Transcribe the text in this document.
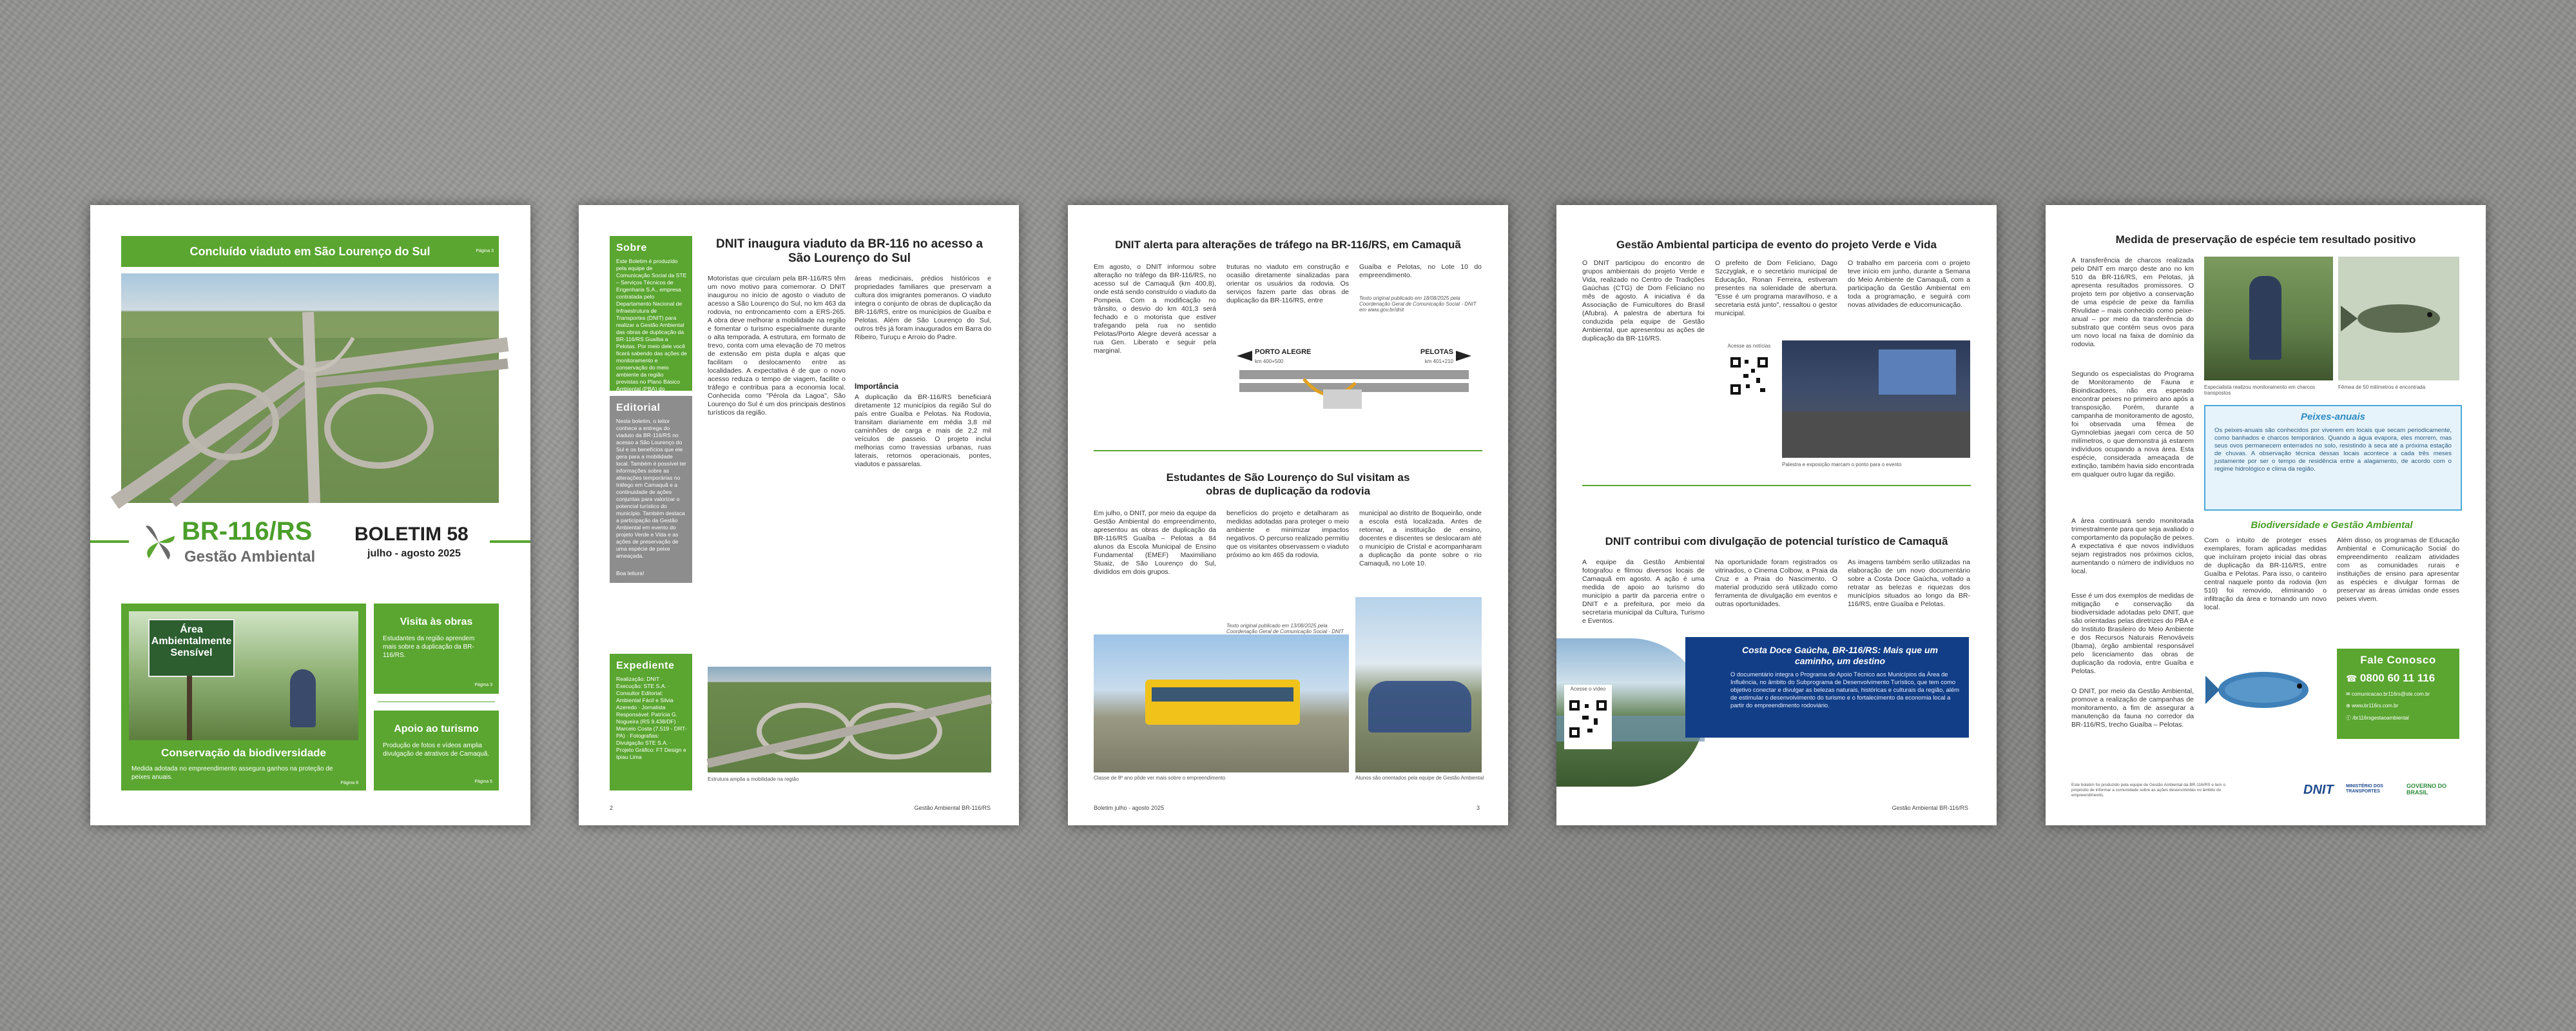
Concluído viaduto em São Lourenço do Sul	Página 3
BR-116/RS
Gestão Ambiental
BOLETIM 58
julho - agosto 2025
Área
Ambientalmente
Sensível
Conservação da biodiversidade
Medida adotada no empreendimento assegura ganhos na proteção de peixes anuais.
Página 8
Visita às obras
Estudantes da região aprendem mais sobre a duplicação da BR-116/RS.
Página 3
Apoio ao turismo
Produção de fotos e vídeos amplia divulgação de atrativos de Camaquã.
Página 6
Sobre
Este Boletim é produzido pela equipe de Comunicação Social da STE – Serviços Técnicos de Engenharia S.A., empresa contratada pelo Departamento Nacional de Infraestrutura de Transportes (DNIT) para realizar a Gestão Ambiental das obras de duplicação da BR-116/RS Guaíba a Pelotas. Por meio dele você ficará sabendo das ações de monitoramento e conservação do meio ambiente da região previstas no Plano Básico Ambiental (PBA) do
Editorial
Nesta boletim, o leitor conhece a entrega do viaduto da BR-116/RS no acesso a São Lourenço do Sul e os benefícios que ele gera para a mobilidade local. Também é possível ter informações sobre as alterações temporárias no tráfego em Camaquã e a continuidade de ações conjuntas para valorizar o potencial turístico do município. Também destaca a participação da Gestão Ambiental em evento do projeto Verde e Vida e as ações de preservação de uma espécie de peixe ameaçada.
Boa leitura!
Expediente
Realização: DNIT · Execução: STE S.A. · Consultor Editorial: Ambiental Fácil e Silvia Azeredo · Jornalista Responsável: Patrícia G. Nogueira (RS 9.438/DF) · Marcelo Costa (7.519 - DRT-PA) · Fotografias: Divulgação STE S.A. · Projeto Gráfico: FT Design e Ipiau Lima
DNIT inaugura viaduto da BR-116 no acesso a São Lourenço do Sul
Motoristas que circulam pela BR-116/RS têm um novo motivo para comemorar. O DNIT inaugurou no início de agosto o viaduto de acesso a São Lourenço do Sul, no km 463 da rodovia, no entroncamento com a ERS-265. A obra deve melhorar a mobilidade na região e fomentar o turismo especialmente durante o alta temporada. A estrutura, em formato de trevo, conta com uma elevação de 70 metros de extensão em pista dupla e alças que facilitam o deslocamento entre as localidades. A expectativa é de que o novo acesso reduza o tempo de viagem, facilite o tráfego e contribua para a economia local. Conhecida como "Pérola da Lagoa", São Lourenço do Sul é um dos principais destinos turísticos da região.
áreas medicinais, prédios históricos e propriedades familiares que preservam a cultura dos imigrantes pomeranos. O viaduto integra o conjunto de obras de duplicação da BR-116/RS, entre os municípios de Guaíba e Pelotas. Além de São Lourenço do Sul, outros três já foram inaugurados em Barra do Ribeiro, Turuçu e Arroio do Padre.
Importância
A duplicação da BR-116/RS beneficiará diretamente 12 municípios da região Sul do país entre Guaíba e Pelotas. Na Rodovia, transitam diariamente em média 3,8 mil caminhões de carga e mais de 2,2 mil veículos de passeio. O projeto inclui melhorias como travessias urbanas, ruas laterais, retornos operacionais, pontes, viadutos e passarelas.
Estrutura amplia a mobilidade na região
2	Gestão Ambiental BR-116/RS
DNIT alerta para alterações de tráfego na BR-116/RS, em Camaquã
Em agosto, o DNIT informou sobre alteração no tráfego da BR-116/RS, no acesso sul de Camaquã (km 400,8), onde está sendo construído o viaduto da Pompeia. Com a modificação no trânsito, o desvio do km 401,3 será fechado e o motorista que estiver trafegando pela rua no sentido Pelotas/Porto Alegre deverá acessar a rua Gen. Liberato e seguir pela marginal.
truturas no viaduto em construção e ocasião diretamente sinalizadas para orientar os usuários da rodovia. Os serviços fazem parte das obras de duplicação da BR-116/RS, entre
Guaíba e Pelotas, no Lote 10 do empreendimento.
Texto original publicado em 18/08/2025 pela Coordenação Geral de Comunicação Social - DNIT em www.gov.br/dnit
PORTO ALEGRE
km 400+500
PELOTAS
km 401+210
Estudantes de São Lourenço do Sul visitam as obras de duplicação da rodovia
Em julho, o DNIT, por meio da equipe da Gestão Ambiental do empreendimento, apresentou as obras de duplicação da BR-116/RS Guaíba – Pelotas a 84 alunos da Escola Municipal de Ensino Fundamental (EMEF) Maximiliano Stuaiz, de São Lourenço do Sul, divididos em dois grupos.
benefícios do projeto e detalharam as medidas adotadas para proteger o meio ambiente e minimizar impactos negativos. O percurso realizado permitiu que os visitantes observassem o viaduto próximo ao km 465 da rodovia.
municipal ao distrito de Boqueirão, onde a escola está localizada. Antes de retornar, a instituição de ensino, docentes e discentes se deslocaram até o município de Cristal e acompanharam a duplicação da ponte sobre o rio Camaquã, no Lote 10.
Texto original publicado em 13/08/2025 pela Coordenação Geral de Comunicação Social - DNIT
Classe de 8º ano pôde ver mais sobre o empreendimento	Alunos são orientados pela equipe de Gestão Ambiental
Boletim julho - agosto 2025	3
Gestão Ambiental participa de evento do projeto Verde e Vida
O DNIT participou do encontro de grupos ambientais do projeto Verde e Vida, realizado no Centro de Tradições Gaúchas (CTG) de Dom Feliciano no mês de agosto. A iniciativa é da Associação de Fumicultores do Brasil (Afubra). A palestra de abertura foi conduzida pela equipe de Gestão Ambiental, que apresentou as ações de duplicação da BR-116/RS.
O prefeito de Dom Feliciano, Dago Szczyglak, e o secretário municipal de Educação, Ronan Ferreira, estiveram presentes na solenidade de abertura. "Esse é um programa maravilhoso, e a secretaria está junto", ressaltou o gestor municipal.
O trabalho em parceria com o projeto teve início em junho, durante a Semana do Meio Ambiente de Camaquã, com a participação da Gestão Ambiental em toda a programação, e seguirá com novas atividades de educomunicação.
Acesse as notícias
Palestra e exposição marcam o ponto para o evento
DNIT contribui com divulgação de potencial turístico de Camaquã
A equipe da Gestão Ambiental fotografou e filmou diversos locais de Camaquã em agosto. A ação é uma medida de apoio ao turismo do município a partir da parceria entre o DNIT e a prefeitura, por meio da secretaria municipal da Cultura, Turismo e Eventos.
Na oportunidade foram registrados os vitrinados, o Cinema Colbow, a Praia da Cruz e a Praia do Nascimento. O material produzido será utilizado como ferramenta de divulgação em eventos e outras oportunidades.
As imagens também serão utilizadas na elaboração de um novo documentário sobre a Costa Doce Gaúcha, voltado a retratar as belezas e riquezas dos municípios situados ao longo da BR-116/RS, entre Guaíba e Pelotas.
Costa Doce Gaúcha, BR-116/RS: Mais que um caminho, um destino
O documentário integra o Programa de Apoio Técnico aos Municípios da Área de Influência, no âmbito do Subprograma de Desenvolvimento Turístico, que tem como objetivo conectar e divulgar as belezas naturais, históricas e culturais da região, além de estimular o desenvolvimento do turismo e o fortalecimento da economia local a partir do empreendimento rodoviário.
Acesse o vídeo
Gestão Ambiental BR-116/RS
Medida de preservação de espécie tem resultado positivo
A transferência de charcos realizada pelo DNIT em março deste ano no km 510 da BR-116/RS, em Pelotas, já apresenta resultados promissores. O projeto tem por objetivo a conservação de uma espécie de peixe da família Rivulidae – mais conhecido como peixe-anual – por meio da transferência do substrato que contém seus ovos para um novo local na faixa de domínio da rodovia.
Especialista realizou monitoramento em charcos transpostos
Fêmea de 50 milímetros é encontrada
Segundo os especialistas do Programa de Monitoramento de Fauna e Bioindicadores, não era esperado encontrar peixes no primeiro ano após a transposição. Porém, durante a campanha de monitoramento de agosto, foi observada uma fêmea de Gymnolebias jaegari com cerca de 50 milímetros, o que demonstra já estarem indivíduos ocupando a nova área. Esta espécie, considerada ameaçada de extinção, também havia sido encontrada em qualquer outro lugar da região.
A área continuará sendo monitorada trimestralmente para que seja avaliado o comportamento da população de peixes. A expectativa é que novos indivíduos sejam registrados nos próximos ciclos, aumentando o número de indivíduos no local.
Esse é um dos exemplos de medidas de mitigação e conservação da biodiversidade adotadas pelo DNIT, que são orientadas pelas diretrizes do PBA e do Instituto Brasileiro do Meio Ambiente e dos Recursos Naturais Renováveis (Ibama), órgão ambiental responsável pelo licenciamento das obras de duplicação da rodovia, entre Guaíba e Pelotas.
O DNIT, por meio da Gestão Ambiental, promove a realização de campanhas de monitoramento, a fim de assegurar a manutenção da fauna no corredor da BR-116/RS, trecho Guaíba – Pelotas.
Peixes-anuais
Os peixes-anuais são conhecidos por viverem em locais que secam periodicamente, como banhados e charcos temporários. Quando a água evapora, eles morrem, mas seus ovos permanecem enterrados no solo, resistindo à seca até a próxima estação de chuvas. A observação técnica dessas locais acontece a cada três meses justamente por ser o tempo de residência entre a alagamento, de acordo com o regime hidrológico e clima da região.
Biodiversidade e Gestão Ambiental
Com o intuito de proteger esses exemplares, foram aplicadas medidas que incluíram projeto inicial das obras de duplicação da BR-116/RS, entre Guaíba e Pelotas. Para isso, o canteiro central naquele ponto da rodovia (km 510) foi removido, eliminando o infiltração da área e tornando um novo local.
Além disso, os programas de Educação Ambiental e Comunicação Social do empreendimento realizam atividades com as comunidades rurais e instituições de ensino para apresentar as espécies e divulgar formas de preservar as áreas úmidas onde esses peixes vivem.
Fale Conosco
☎ 0800 60 11 116
✉ comunicacao.br116rs@ste.com.br
⊕ www.br116rs.com.br
ⓕ /br116rsgestaoambiental
Este boletim foi produzido pela equipe de Gestão Ambiental da BR-116/RS e tem o propósito de informar a comunidade sobre as ações desenvolvidas no âmbito do empreendimento.	DNIT	MINISTÉRIO DOS TRANSPORTES
GOVERNO DO BRASIL
